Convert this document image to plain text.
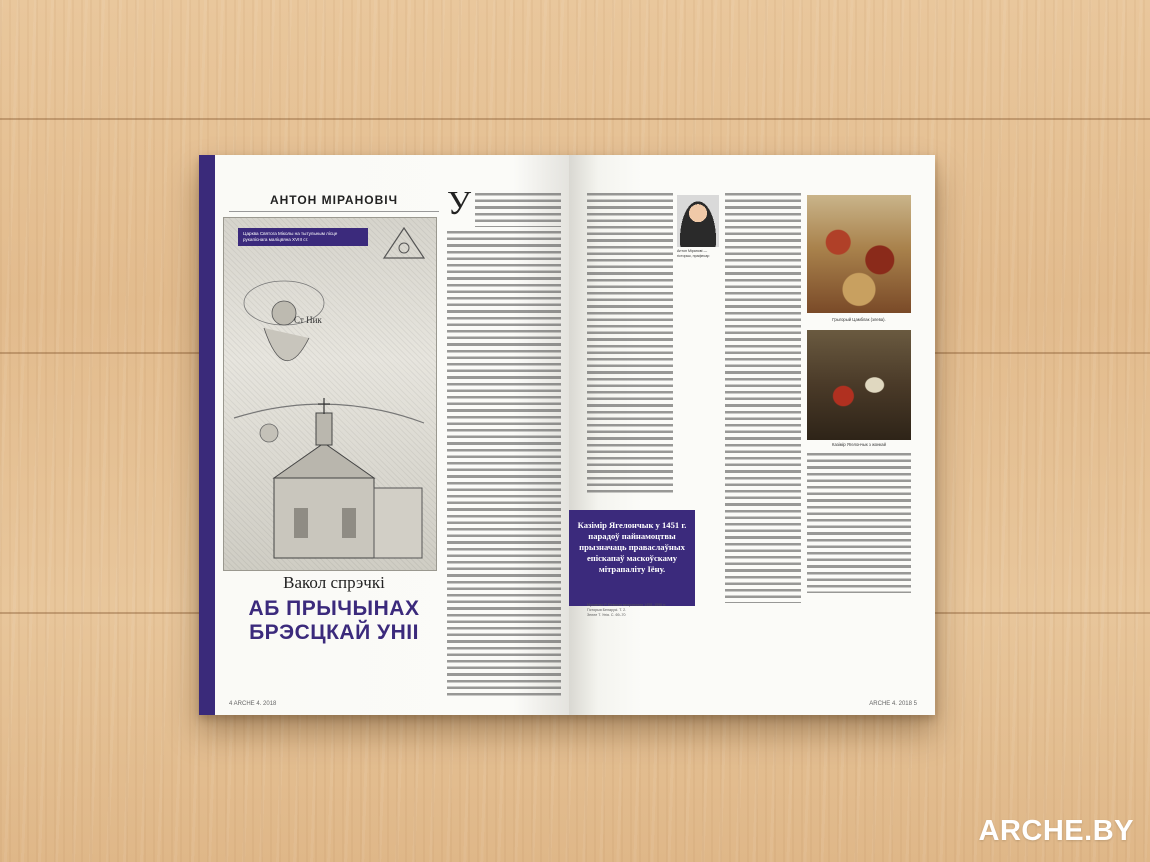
АНТОН МІРАНОВІЧ
Ст Ник
Царква Святога Міколы на тытульным лісце рукапіснага маліцвяна XVIII ст.
Вакол спрэчкі
АБ ПРЫЧЫНАХ
БРЭСЦКАЙ УНІІ
У
4 ARCHE 4. 2018
Антон Міранові — гісторык, прафесар
Казімір Ягелончык у 1451 г. парадоў пайнамоцтвы прызначаць праваслаўных епіскапаў маскоўскаму мітрапаліту Іёну.
Грыгорый Цамблак (злева).
Казімір Ягелончык з жонкай
Мусиенко Р. Кiевская митрополия 1458–1596 гг.
Гiсторыя Беларусi. Т. 2.
Зелле Т. Унія. С. 69–70
ARCHE 4. 2018 5
ARCHE.BY
